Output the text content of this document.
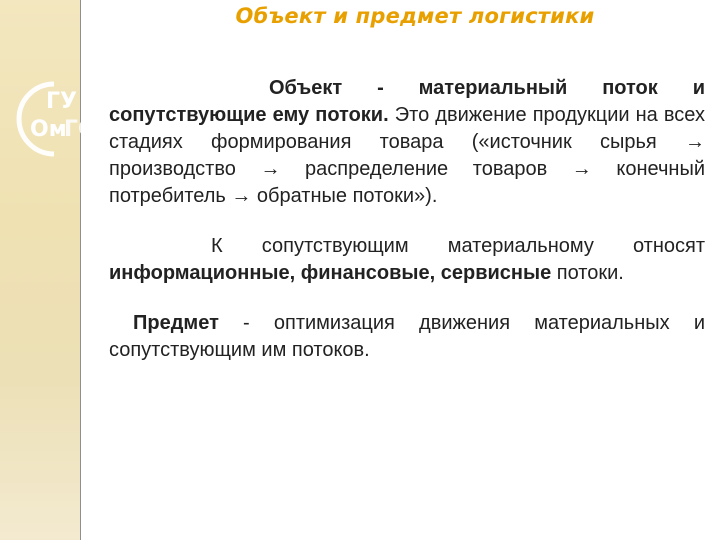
ГУ
Ом
ГС
Объект и предмет логистики

Объект - материальный поток и сопутствующие ему потоки. Это движение продукции на всех стадиях формирования товара («источник сырья → производство → распределение товаров → конечный потребитель → обратные потоки»).

К сопутствующим материальному относят информационные, финансовые, сервисные потоки.

Предмет - оптимизация движения материальных и сопутствующим им потоков.
